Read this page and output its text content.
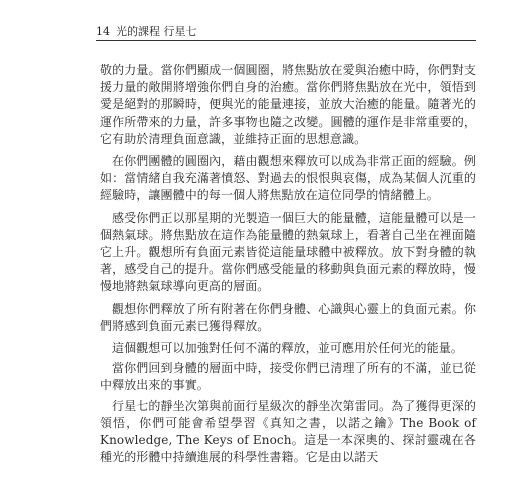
14 光的課程 行星七

敬的力量。當你們顯成一個圓圈，將焦點放在愛與治癒中時，你們對支援力量的敞開將增強你們自身的治癒。當你們將焦點放在光中，領悟到愛是絕對的那瞬時，便與光的能量連接，並放大治癒的能量。隨著光的運作所帶來的力量，許多事物也隨之改變。圓體的運作是非常重要的，它有助於清理負面意識，並維持正面的思想意識。

在你們團體的圓圈內，藉由觀想來釋放可以成為非常正面的經驗。例如：當情緒自我充滿著憤怒、對過去的恨恨與哀傷，成為某個人沉重的經驗時，讓團體中的每一個人將焦點放在這位同學的情緒體上。

感受你們正以那星期的光製造一個巨大的能量體，這能量體可以是一個熱氣球。將焦點放在這作為能量體的熱氣球上，看著自己坐在裡面隨它上升。觀想所有負面元素皆從這能量球體中被釋放。放下對身體的執著，感受自己的提升。當你們感受能量的移動與負面元素的釋放時，慢慢地將熱氣球導向更高的層面。

觀想你們釋放了所有附著在你們身體、心識與心靈上的負面元素。你們將感到負面元素已獲得釋放。

這個觀想可以加強對任何不滿的釋放，並可應用於任何光的能量。

當你們回到身體的層面中時，接受你們已清理了所有的不滿，並已從中釋放出來的事實。

行星七的靜坐次第與前面行星級次的靜坐次第雷同。為了獲得更深的領悟，你們可能會希望學習《真知之書，以諾之鑰》The Book of Knowledge, The Keys of Enoch。這是一本深奧的、探討靈魂在各種光的形體中持續進展的科學性書籍。它是由以諾天
